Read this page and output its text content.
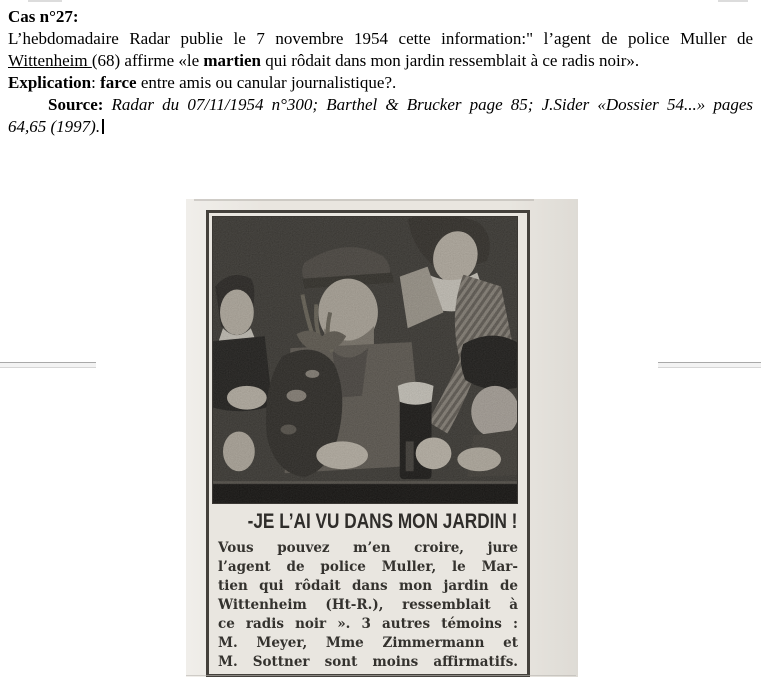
Cas n°27:
L’hebdomadaire Radar publie le 7 novembre 1954 cette information:" l’agent de police Muller de
Wittenheim (68) affirme «le martien qui rôdait dans mon jardin ressemblait à ce radis noir».
Explication: farce entre amis ou canular journalistique?.
Source: Radar du 07/11/1954 n°300; Barthel & Brucker page 85; J.Sider «Dossier 54...» pages
64,65 (1997).
-JE L’AI VU DANS MON JARDIN !
Vous pouvez m’en croire, jure
l’agent de police Muller, le Mar-
tien qui rôdait dans mon jardin de
Wittenheim (Ht-R.), ressemblait à
ce radis noir ». 3 autres témoins :
M. Meyer, Mme Zimmermann et
M. Sottner sont moins affirmatifs.
